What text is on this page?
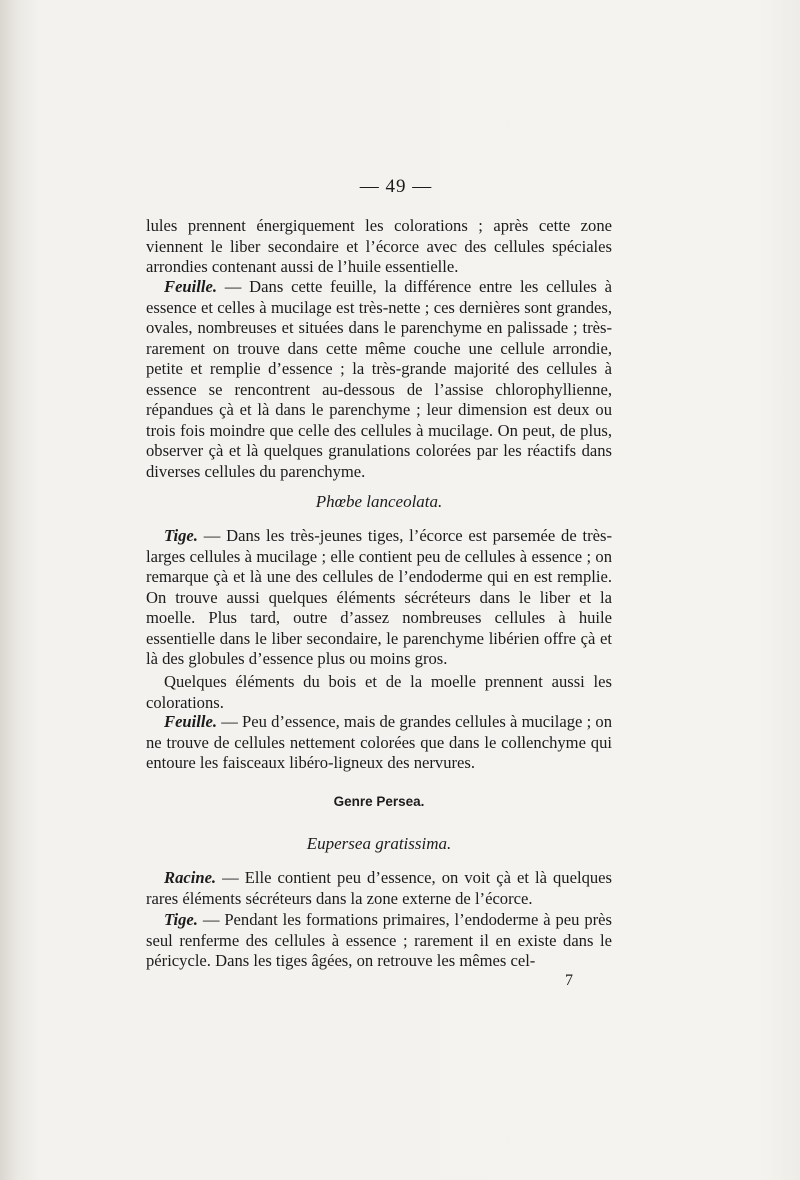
— 49 —

lules prennent énergiquement les colorations ; après cette zone viennent le liber secondaire et l’écorce avec des cellules spéciales arrondies contenant aussi de l’huile essentielle.

Feuille. — Dans cette feuille, la différence entre les cellules à essence et celles à mucilage est très-nette ; ces dernières sont grandes, ovales, nombreuses et situées dans le parenchyme en palissade ; très-rarement on trouve dans cette même couche une cellule arrondie, petite et remplie d’essence ; la très-grande majorité des cellules à essence se rencontrent au-dessous de l’assise chlorophyllienne, répandues çà et là dans le parenchyme ; leur dimension est deux ou trois fois moindre que celle des cellules à mucilage. On peut, de plus, observer çà et là quelques granulations colorées par les réactifs dans diverses cellules du parenchyme.

Phœbe lanceolata.

Tige. — Dans les très-jeunes tiges, l’écorce est parsemée de très-larges cellules à mucilage ; elle contient peu de cellules à essence ; on remarque çà et là une des cellules de l’endoderme qui en est remplie. On trouve aussi quelques éléments sécréteurs dans le liber et la moelle. Plus tard, outre d’assez nombreuses cellules à huile essentielle dans le liber secondaire, le parenchyme libérien offre çà et là des globules d’essence plus ou moins gros.

Quelques éléments du bois et de la moelle prennent aussi les colorations.

Feuille. — Peu d’essence, mais de grandes cellules à mucilage ; on ne trouve de cellules nettement colorées que dans le collenchyme qui entoure les faisceaux libéro-ligneux des nervures.

Genre Persea.
Eupersea gratissima.

Racine. — Elle contient peu d’essence, on voit çà et là quelques rares éléments sécréteurs dans la zone externe de l’écorce.

Tige. — Pendant les formations primaires, l’endoderme à peu près seul renferme des cellules à essence ; rarement il en existe dans le péricycle. Dans les tiges âgées, on retrouve les mêmes cel-

7
